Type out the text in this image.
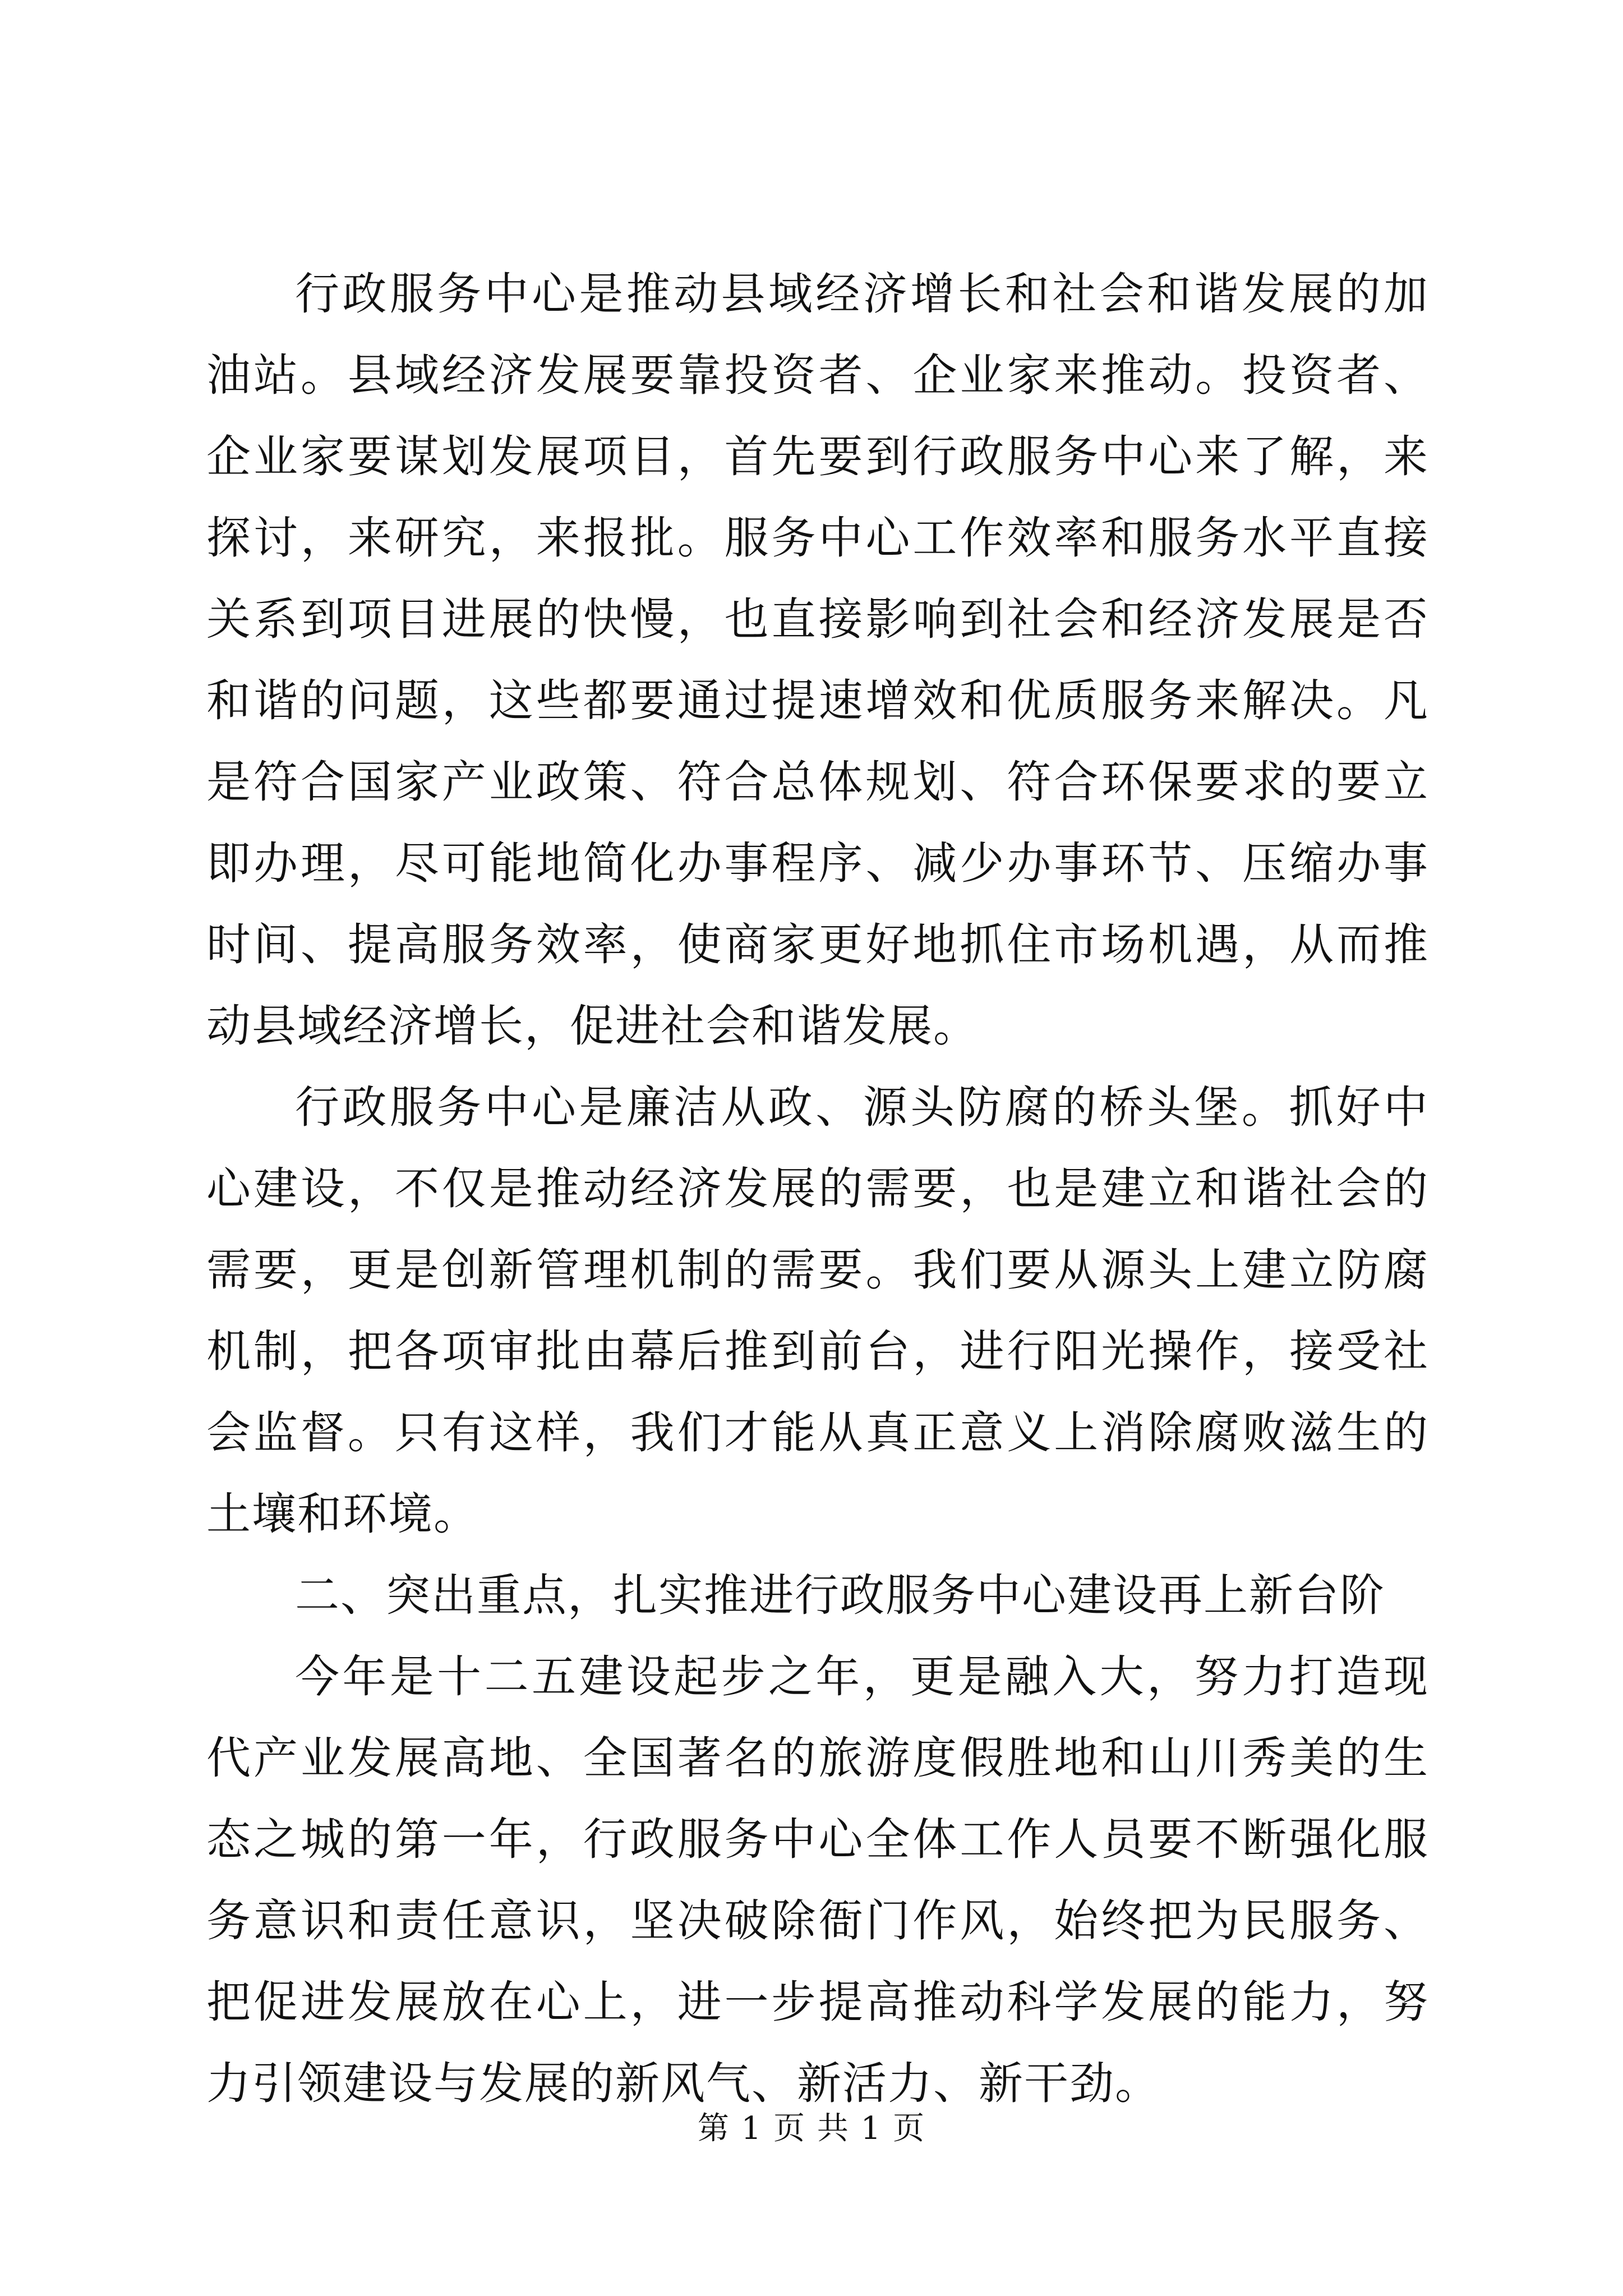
行政服务中心是推动县域经济增长和社会和谐发展的加油站。县域经济发展要靠投资者、企业家来推动。投资者、企业家要谋划发展项目，首先要到行政服务中心来了解，来探讨，来研究，来报批。服务中心工作效率和服务水平直接关系到项目进展的快慢，也直接影响到社会和经济发展是否和谐的问题，这些都要通过提速增效和优质服务来解决。凡是符合国家产业政策、符合总体规划、符合环保要求的要立即办理，尽可能地简化办事程序、减少办事环节、压缩办事时间、提高服务效率，使商家更好地抓住市场机遇，从而推动县域经济增长，促进社会和谐发展。

行政服务中心是廉洁从政、源头防腐的桥头堡。抓好中心建设，不仅是推动经济发展的需要，也是建立和谐社会的需要，更是创新管理机制的需要。我们要从源头上建立防腐机制，把各项审批由幕后推到前台，进行阳光操作，接受社会监督。只有这样，我们才能从真正意义上消除腐败滋生的土壤和环境。

二、突出重点，扎实推进行政服务中心建设再上新台阶

今年是十二五建设起步之年，更是融入大，努力打造现代产业发展高地、全国著名的旅游度假胜地和山川秀美的生态之城的第一年，行政服务中心全体工作人员要不断强化服务意识和责任意识，坚决破除衙门作风，始终把为民服务、把促进发展放在心上，进一步提高推动科学发展的能力，努力引领建设与发展的新风气、新活力、新干劲。

第 1 页 共 1 页
